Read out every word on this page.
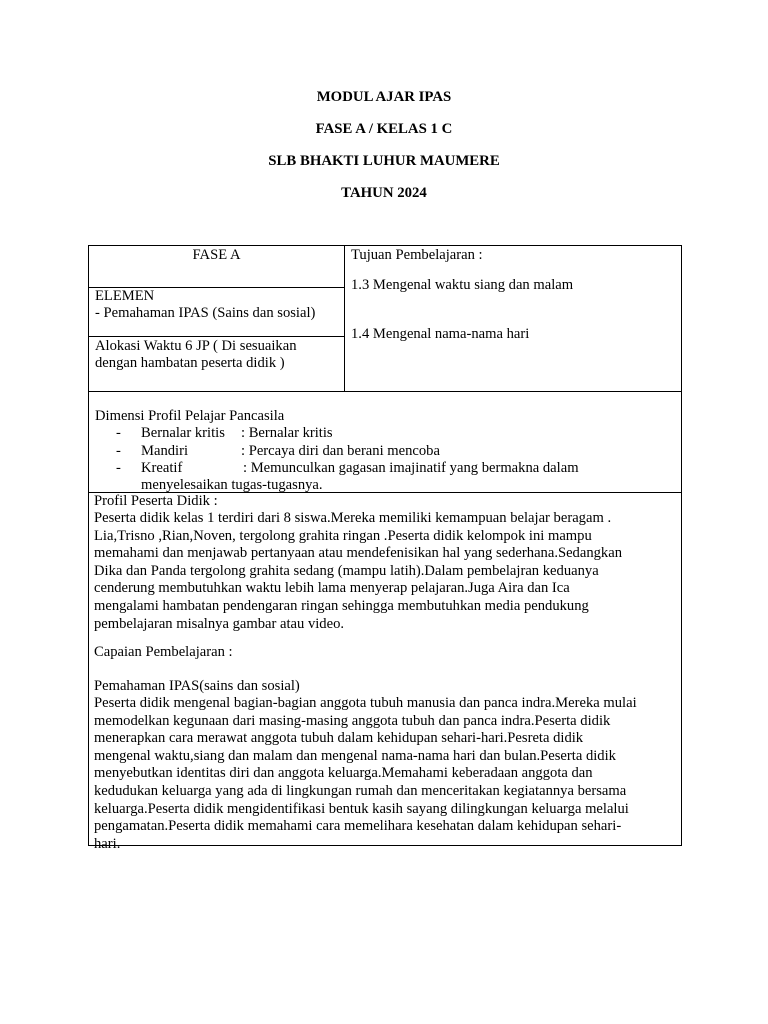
MODUL AJAR IPAS
FASE A / KELAS 1 C
SLB BHAKTI LUHUR MAUMERE
TAHUN 2024
FASE A
ELEMEN
- Pemahaman IPAS (Sains dan sosial)
Alokasi Waktu 6 JP ( Di sesuaikan
dengan hambatan peserta didik )
Tujuan Pembelajaran :
1.3 Mengenal waktu siang dan malam
1.4 Mengenal nama-nama hari
Dimensi Profil Pelajar Pancasila
- Bernalar kritis : Bernalar kritis
- Mandiri	: Percaya diri dan berani mencoba
- Kreatif	: Memunculkan gagasan imajinatif yang bermakna dalam
menyelesaikan tugas-tugasnya.
Profil Peserta Didik :
Peserta didik kelas 1 terdiri dari 8 siswa.Mereka memiliki kemampuan belajar beragam .
Lia,Trisno ,Rian,Noven, tergolong grahita ringan .Peserta didik kelompok ini mampu
memahami dan menjawab pertanyaan atau mendefenisikan hal yang sederhana.Sedangkan
Dika dan Panda tergolong grahita sedang (mampu latih).Dalam pembelajran keduanya
cenderung membutuhkan waktu lebih lama menyerap pelajaran.Juga Aira dan Ica
mengalami hambatan pendengaran ringan sehingga membutuhkan media pendukung
pembelajaran misalnya gambar atau video.
Capaian Pembelajaran :
Pemahaman IPAS(sains dan sosial)
Peserta didik mengenal bagian-bagian anggota tubuh manusia dan panca indra.Mereka mulai
memodelkan kegunaan dari masing-masing anggota tubuh dan panca indra.Peserta didik
menerapkan cara merawat anggota tubuh dalam kehidupan sehari-hari.Pesreta didik
mengenal waktu,siang dan malam dan mengenal nama-nama hari dan bulan.Peserta didik
menyebutkan identitas diri dan anggota keluarga.Memahami keberadaan anggota dan
kedudukan keluarga yang ada di lingkungan rumah dan menceritakan kegiatannya bersama
keluarga.Peserta didik mengidentifikasi bentuk kasih sayang dilingkungan keluarga melalui
pengamatan.Peserta didik memahami cara memelihara kesehatan dalam kehidupan sehari-
hari.
